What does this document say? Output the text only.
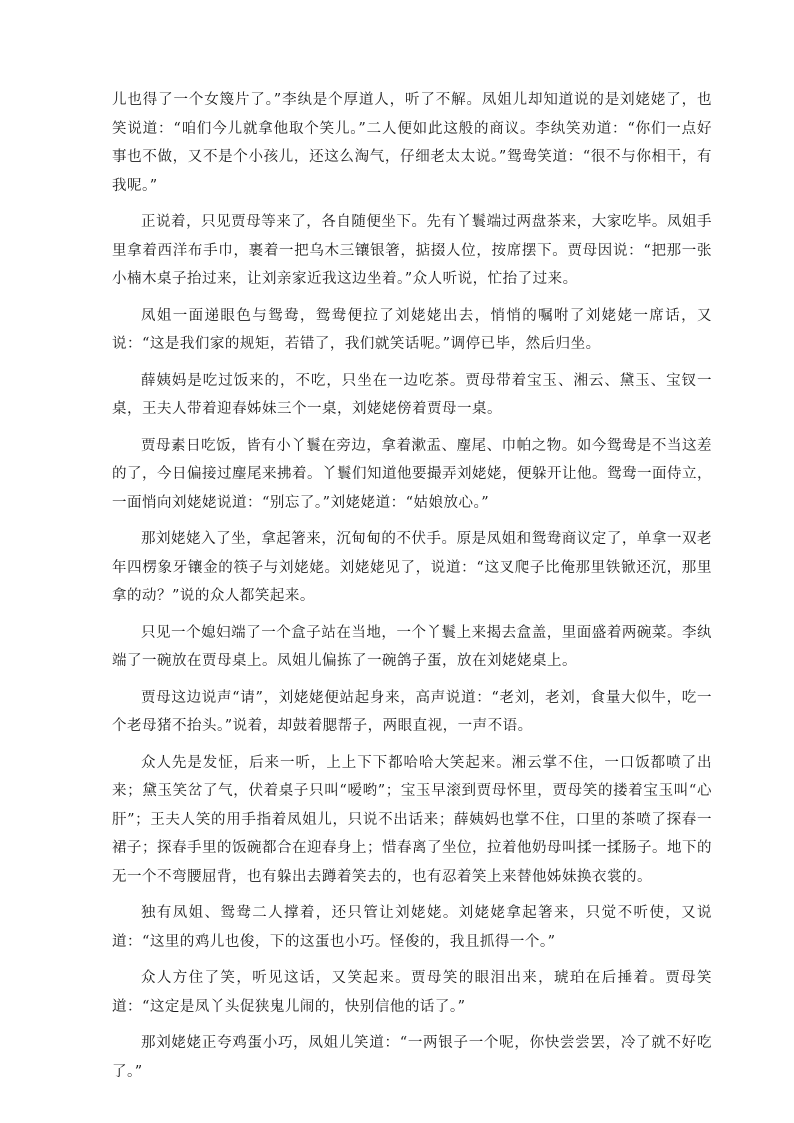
儿也得了一个女篾片了。”李纨是个厚道人，听了不解。凤姐儿却知道说的是刘姥姥了，也笑说道：“咱们今儿就拿他取个笑儿。”二人便如此这般的商议。李纨笑劝道：“你们一点好事也不做，又不是个小孩儿，还这么淘气，仔细老太太说。”鸳鸯笑道：“很不与你相干，有我呢。”

正说着，只见贾母等来了，各自随便坐下。先有丫鬟端过两盘茶来，大家吃毕。凤姐手里拿着西洋布手巾，裹着一把乌木三镶银箸，掂掇人位，按席摆下。贾母因说：“把那一张小楠木桌子抬过来，让刘亲家近我这边坐着。”众人听说，忙抬了过来。

凤姐一面递眼色与鸳鸯，鸳鸯便拉了刘姥姥出去，悄悄的嘱咐了刘姥姥一席话，又说：“这是我们家的规矩，若错了，我们就笑话呢。”调停已毕，然后归坐。

薛姨妈是吃过饭来的，不吃，只坐在一边吃茶。贾母带着宝玉、湘云、黛玉、宝钗一桌，王夫人带着迎春姊妹三个一桌，刘姥姥傍着贾母一桌。

贾母素日吃饭，皆有小丫鬟在旁边，拿着漱盂、麈尾、巾帕之物。如今鸳鸯是不当这差的了，今日偏接过麈尾来拂着。丫鬟们知道他要撮弄刘姥姥，便躲开让他。鸳鸯一面侍立，一面悄向刘姥姥说道：“别忘了。”刘姥姥道：“姑娘放心。”

那刘姥姥入了坐，拿起箸来，沉甸甸的不伏手。原是凤姐和鸳鸯商议定了，单拿一双老年四楞象牙镶金的筷子与刘姥姥。刘姥姥见了，说道：“这叉爬子比俺那里铁锨还沉，那里拿的动？”说的众人都笑起来。

只见一个媳妇端了一个盒子站在当地，一个丫鬟上来揭去盒盖，里面盛着两碗菜。李纨端了一碗放在贾母桌上。凤姐儿偏拣了一碗鸽子蛋，放在刘姥姥桌上。

贾母这边说声“请”，刘姥姥便站起身来，高声说道：“老刘，老刘，食量大似牛，吃一个老母猪不抬头。”说着，却鼓着腮帮子，两眼直视，一声不语。

众人先是发怔，后来一听，上上下下都哈哈大笑起来。湘云掌不住，一口饭都喷了出来；黛玉笑岔了气，伏着桌子只叫“嗳哟”；宝玉早滚到贾母怀里，贾母笑的搂着宝玉叫“心肝”；王夫人笑的用手指着凤姐儿，只说不出话来；薛姨妈也掌不住，口里的茶喷了探春一裙子；探春手里的饭碗都合在迎春身上；惜春离了坐位，拉着他奶母叫揉一揉肠子。地下的无一个不弯腰屈背，也有躲出去蹲着笑去的，也有忍着笑上来替他姊妹换衣裳的。

独有凤姐、鸳鸯二人撑着，还只管让刘姥姥。刘姥姥拿起箸来，只觉不听使，又说道：“这里的鸡儿也俊，下的这蛋也小巧。怪俊的，我且抓得一个。”

众人方住了笑，听见这话，又笑起来。贾母笑的眼泪出来，琥珀在后捶着。贾母笑道：“这定是凤丫头促狭鬼儿闹的，快别信他的话了。”

那刘姥姥正夸鸡蛋小巧，凤姐儿笑道：“一两银子一个呢，你快尝尝罢，冷了就不好吃了。”
